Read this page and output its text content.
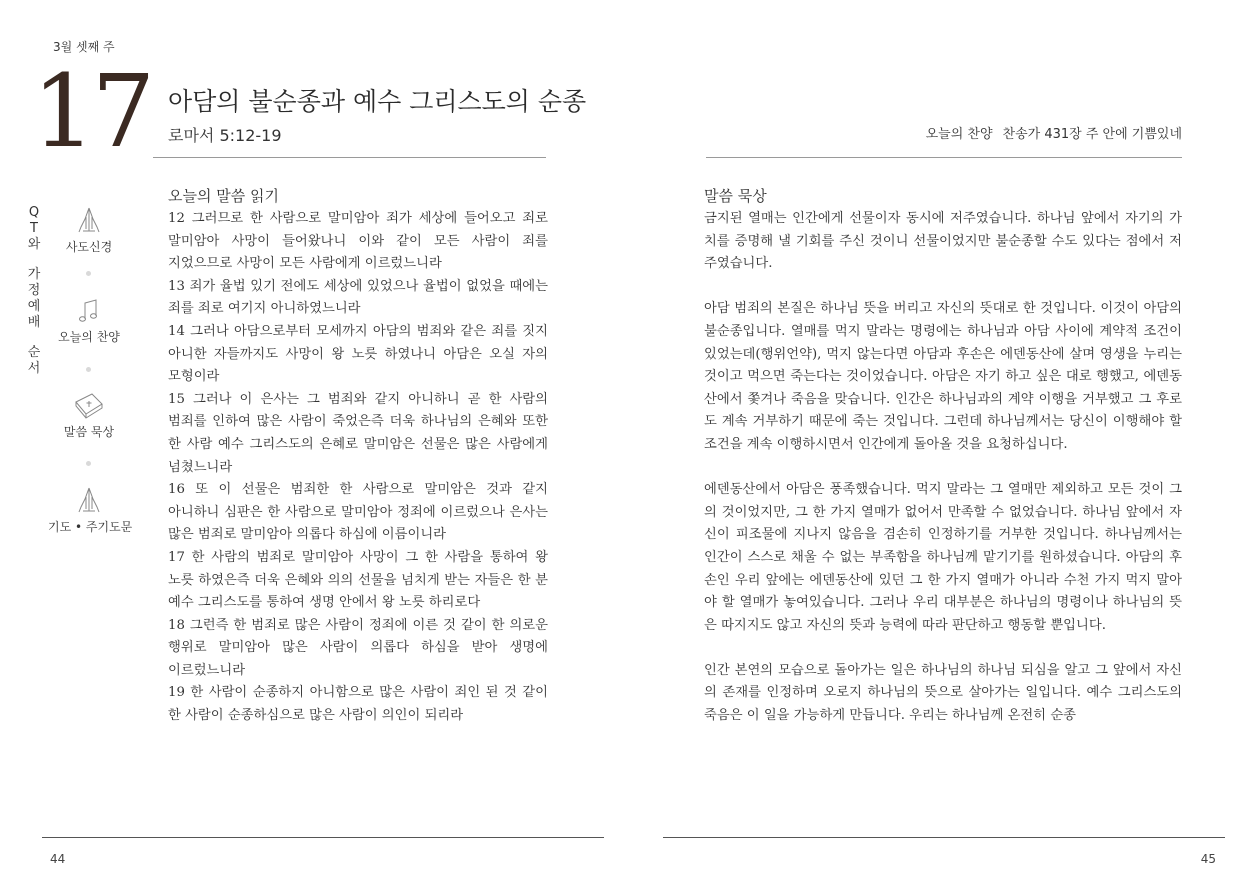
3월 셋째 주
17 아담의 불순종과 예수 그리스도의 순종
로마서 5:12-19	오늘의 찬양 찬송가 431장 주 안에 기쁨있네
Q
T
와
가
정
예
배
순
서
사도신경
오늘의 찬양
말씀 묵상
기도 • 주기도문
오늘의 말씀 읽기

12 그러므로 한 사람으로 말미암아 죄가 세상에 들어오고 죄로 말미암아 사망이 들어왔나니 이와 같이 모든 사람이 죄를 지었으므로 사망이 모든 사람에게 이르렀느니라

13 죄가 율법 있기 전에도 세상에 있었으나 율법이 없었을 때에는 죄를 죄로 여기지 아니하였느니라

14 그러나 아담으로부터 모세까지 아담의 범죄와 같은 죄를 짓지 아니한 자들까지도 사망이 왕 노릇 하였나니 아담은 오실 자의 모형이라

15 그러나 이 은사는 그 범죄와 같지 아니하니 곧 한 사람의 범죄를 인하여 많은 사람이 죽었은즉 더욱 하나님의 은혜와 또한 한 사람 예수 그리스도의 은혜로 말미암은 선물은 많은 사람에게 넘쳤느니라

16 또 이 선물은 범죄한 한 사람으로 말미암은 것과 같지 아니하니 심판은 한 사람으로 말미암아 정죄에 이르렀으나 은사는 많은 범죄로 말미암아 의롭다 하심에 이름이니라

17 한 사람의 범죄로 말미암아 사망이 그 한 사람을 통하여 왕 노릇 하였은즉 더욱 은혜와 의의 선물을 넘치게 받는 자들은 한 분 예수 그리스도를 통하여 생명 안에서 왕 노릇 하리로다

18 그런즉 한 범죄로 많은 사람이 정죄에 이른 것 같이 한 의로운 행위로 말미암아 많은 사람이 의롭다 하심을 받아 생명에 이르렀느니라

19 한 사람이 순종하지 아니함으로 많은 사람이 죄인 된 것 같이 한 사람이 순종하심으로 많은 사람이 의인이 되리라

말씀 묵상

금지된 열매는 인간에게 선물이자 동시에 저주였습니다. 하나님 앞에서 자기의 가치를 증명해 낼 기회를 주신 것이니 선물이었지만 불순종할 수도 있다는 점에서 저주였습니다.

아담 범죄의 본질은 하나님 뜻을 버리고 자신의 뜻대로 한 것입니다. 이것이 아담의 불순종입니다. 열매를 먹지 말라는 명령에는 하나님과 아담 사이에 계약적 조건이 있었는데(행위언약), 먹지 않는다면 아담과 후손은 에덴동산에 살며 영생을 누리는 것이고 먹으면 죽는다는 것이었습니다. 아담은 자기 하고 싶은 대로 행했고, 에덴동산에서 쫓겨나 죽음을 맞습니다. 인간은 하나님과의 계약 이행을 거부했고 그 후로도 계속 거부하기 때문에 죽는 것입니다. 그런데 하나님께서는 당신이 이행해야 할 조건을 계속 이행하시면서 인간에게 돌아올 것을 요청하십니다.

에덴동산에서 아담은 풍족했습니다. 먹지 말라는 그 열매만 제외하고 모든 것이 그의 것이었지만, 그 한 가지 열매가 없어서 만족할 수 없었습니다. 하나님 앞에서 자신이 피조물에 지나지 않음을 겸손히 인정하기를 거부한 것입니다. 하나님께서는 인간이 스스로 채울 수 없는 부족함을 하나님께 맡기기를 원하셨습니다. 아담의 후손인 우리 앞에는 에덴동산에 있던 그 한 가지 열매가 아니라 수천 가지 먹지 말아야 할 열매가 놓여있습니다. 그러나 우리 대부분은 하나님의 명령이나 하나님의 뜻은 따지지도 않고 자신의 뜻과 능력에 따라 판단하고 행동할 뿐입니다.

인간 본연의 모습으로 돌아가는 일은 하나님의 하나님 되심을 알고 그 앞에서 자신의 존재를 인정하며 오로지 하나님의 뜻으로 살아가는 일입니다. 예수 그리스도의 죽음은 이 일을 가능하게 만듭니다. 우리는 하나님께 온전히 순종

44	45
